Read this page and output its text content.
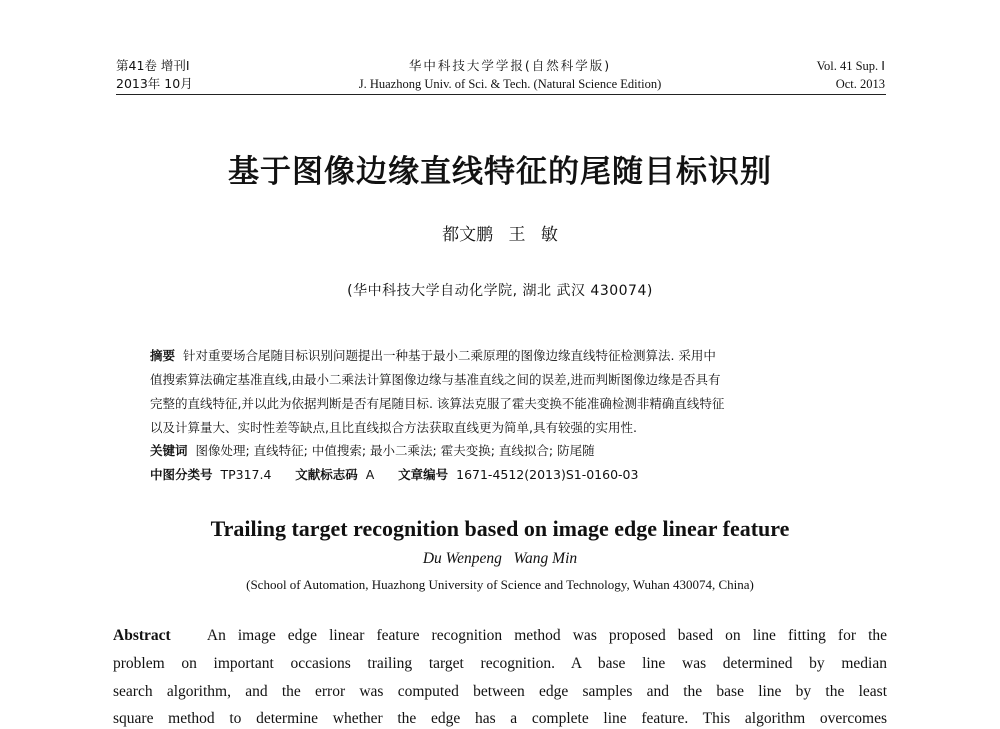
第41卷 增刊Ⅰ
2013年 10月
华中科技大学学报(自然科学版)
J. Huazhong Univ. of Sci. & Tech. (Natural Science Edition)
Vol. 41 Sup. Ⅰ
Oct. 2013
基于图像边缘直线特征的尾随目标识别
都文鹏 王 敏
(华中科技大学自动化学院, 湖北 武汉 430074)
摘要 针对重要场合尾随目标识别问题提出一种基于最小二乘原理的图像边缘直线特征检测算法. 采用中
值搜索算法确定基准直线,由最小二乘法计算图像边缘与基准直线之间的误差,进而判断图像边缘是否具有
完整的直线特征,并以此为依据判断是否有尾随目标. 该算法克服了霍夫变换不能准确检测非精确直线特征
以及计算量大、实时性差等缺点,且比直线拟合方法获取直线更为简单,具有较强的实用性.
关键词 图像处理; 直线特征; 中值搜索; 最小二乘法; 霍夫变换; 直线拟合; 防尾随
中图分类号 TP317.4 文献标志码 A 文章编号 1671-4512(2013)S1-0160-03
Trailing target recognition based on image edge linear feature
Du Wenpeng   Wang Min
(School of Automation, Huazhong University of Science and Technology, Wuhan 430074, China)
Abstract An image edge linear feature recognition method was proposed based on line fitting for the
problem on important occasions trailing target recognition. A base line was determined by median
search algorithm, and the error was computed between edge samples and the base line by the least
square method to determine whether the edge has a complete line feature. This algorithm overcomes
